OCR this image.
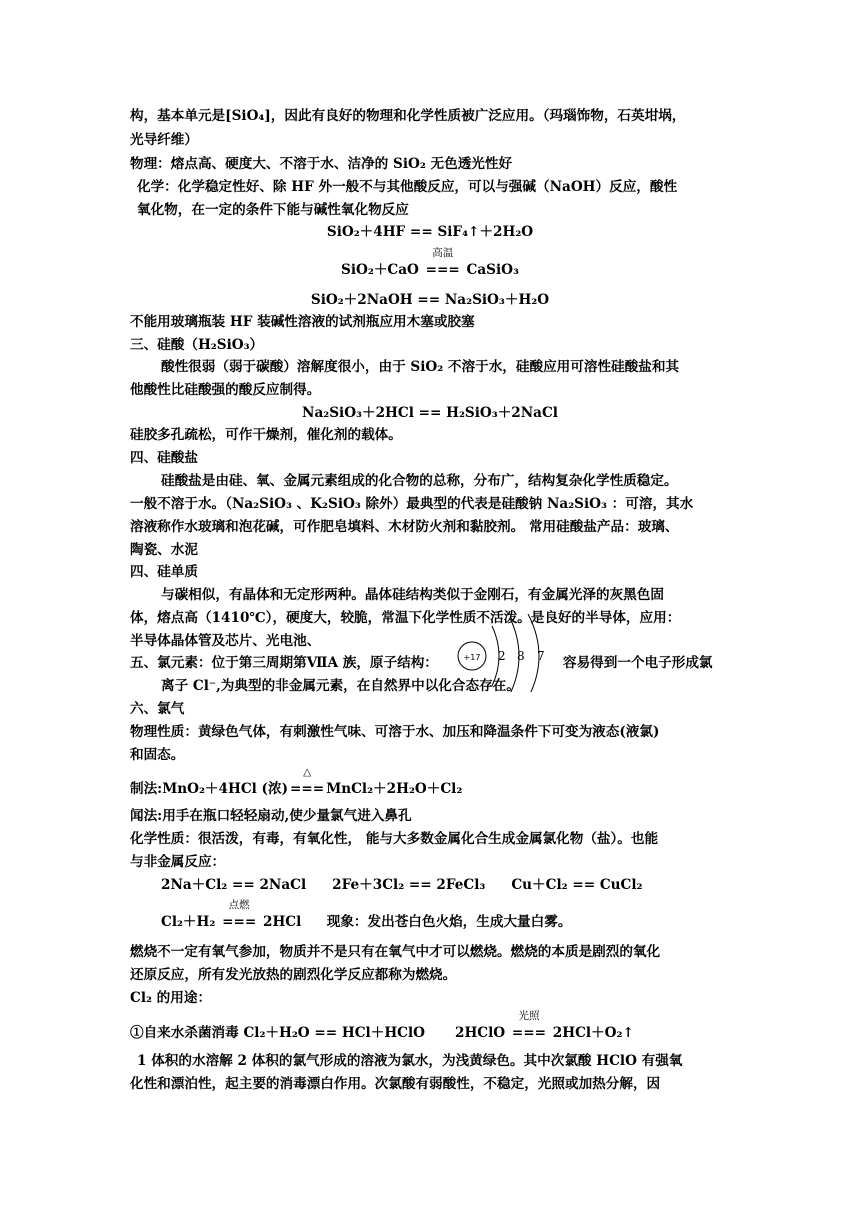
构，基本单元是[SiO₄]，因此有良好的物理和化学性质被广泛应用。（玛瑙饰物，石英坩埚，
光导纤维）
物理：熔点高、硬度大、不溶于水、洁净的 SiO₂ 无色透光性好
化学：化学稳定性好、除 HF 外一般不与其他酸反应，可以与强碱（NaOH）反应，酸性
氧化物，在一定的条件下能与碱性氧化物反应
SiO₂＋4HF == SiF₄↑＋2H₂O
SiO₂＋CaO
高温
=== CaSiO₃
SiO₂＋2NaOH == Na₂SiO₃＋H₂O
不能用玻璃瓶装 HF 装碱性溶液的试剂瓶应用木塞或胶塞
三、硅酸（H₂SiO₃）
酸性很弱（弱于碳酸）溶解度很小，由于 SiO₂ 不溶于水，硅酸应用可溶性硅酸盐和其
他酸性比硅酸强的酸反应制得。
Na₂SiO₃＋2HCl == H₂SiO₃＋2NaCl
硅胶多孔疏松，可作干燥剂，催化剂的载体。
四、硅酸盐
硅酸盐是由硅、氧、金属元素组成的化合物的总称，分布广，结构复杂化学性质稳定。
一般不溶于水。（Na₂SiO₃ 、K₂SiO₃ 除外）最典型的代表是硅酸钠 Na₂SiO₃ ：可溶，其水
溶液称作水玻璃和泡花碱，可作肥皂填料、木材防火剂和黏胶剂。 常用硅酸盐产品：玻璃、
陶瓷、水泥
四、硅单质
与碳相似，有晶体和无定形两种。晶体硅结构类似于金刚石，有金属光泽的灰黑色固
体，熔点高（1410℃），硬度大，较脆，常温下化学性质不活泼。是良好的半导体，应用：
半导体晶体管及芯片、光电池、
五、氯元素：位于第三周期第ⅦA 族，原子结构：	容易得到一个电子形成氯
+17 2 8 7
离子 Cl⁻,为典型的非金属元素，在自然界中以化合态存在。
六、氯气
物理性质：黄绿色气体，有刺激性气味、可溶于水、加压和降温条件下可变为液态(液氯)
和固态。
制法:MnO₂＋4HCl (浓)
△
=== MnCl₂＋2H₂O＋Cl₂
闻法:用手在瓶口轻轻扇动,使少量氯气进入鼻孔
化学性质：很活泼，有毒，有氧化性， 能与大多数金属化合生成金属氯化物（盐）。也能
与非金属反应：
2Na＋Cl₂ == 2NaCl 2Fe＋3Cl₂ == 2FeCl₃ Cu＋Cl₂ == CuCl₂
Cl₂＋H₂
点燃
=== 2HCl 现象：发出苍白色火焰，生成大量白雾。
燃烧不一定有氧气参加，物质并不是只有在氧气中才可以燃烧。燃烧的本质是剧烈的氧化
还原反应，所有发光放热的剧烈化学反应都称为燃烧。
Cl₂ 的用途：
①自来水杀菌消毒 Cl₂＋H₂O == HCl＋HClO 2HClO
光照
=== 2HCl＋O₂↑
1 体积的水溶解 2 体积的氯气形成的溶液为氯水，为浅黄绿色。其中次氯酸 HClO 有强氧
化性和漂泊性，起主要的消毒漂白作用。次氯酸有弱酸性，不稳定，光照或加热分解，因
